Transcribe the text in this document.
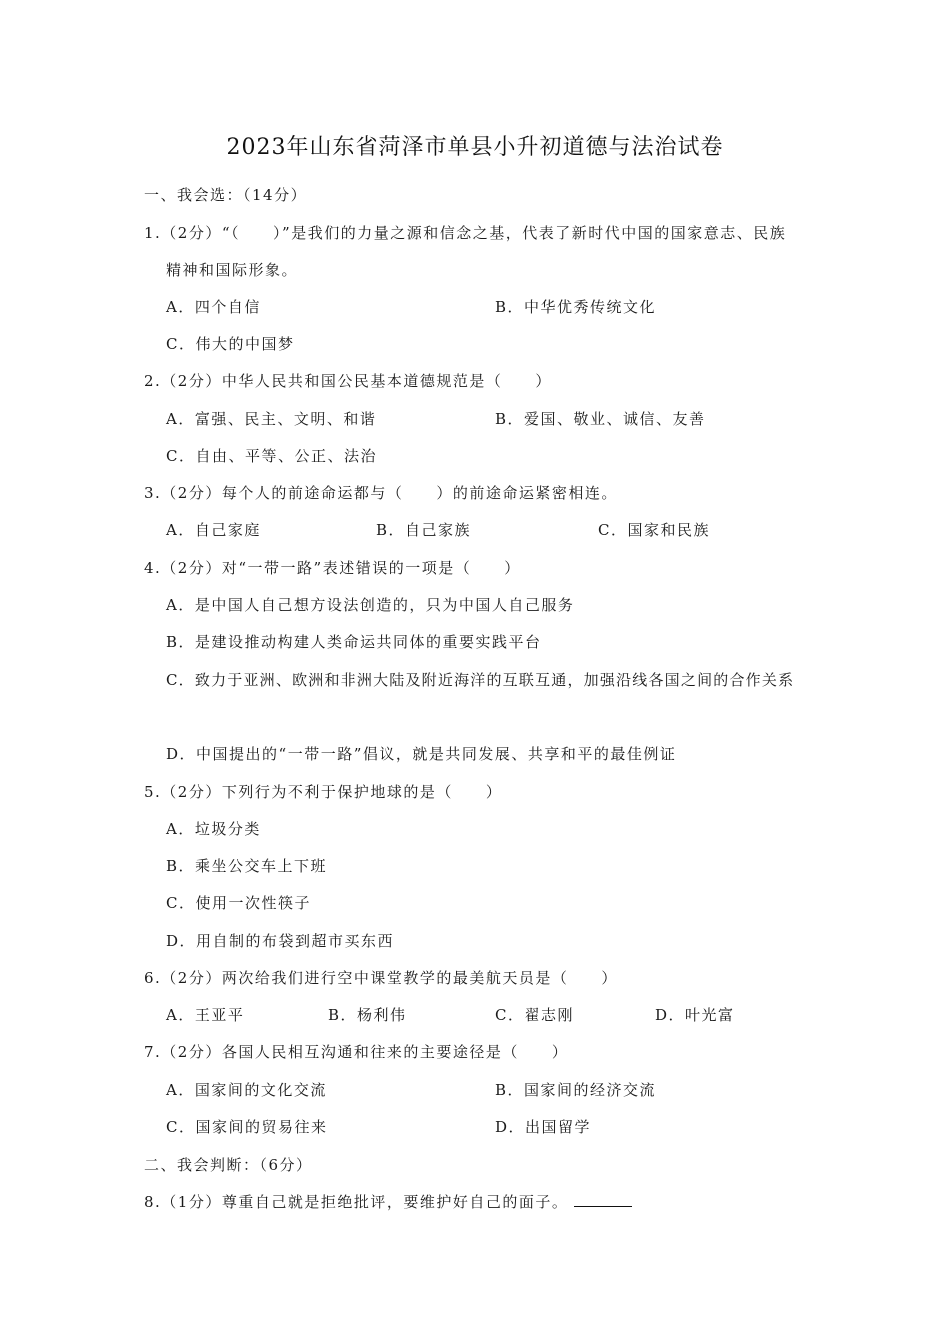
2023年山东省菏泽市单县小升初道德与法治试卷
一、我会选：（14分）
1.（2分）“（　　）”是我们的力量之源和信念之基，代表了新时代中国的国家意志、民族
精神和国际形象。
A．四个自信	B．中华优秀传统文化
C．伟大的中国梦
2.（2分）中华人民共和国公民基本道德规范是（　　）
A．富强、民主、文明、和谐	B．爱国、敬业、诚信、友善
C．自由、平等、公正、法治
3.（2分）每个人的前途命运都与（　　）的前途命运紧密相连。
A．自己家庭	B．自己家族	C．国家和民族
4.（2分）对“一带一路”表述错误的一项是（　　）
A．是中国人自己想方设法创造的，只为中国人自己服务
B．是建设推动构建人类命运共同体的重要实践平台
C．致力于亚洲、欧洲和非洲大陆及附近海洋的互联互通，加强沿线各国之间的合作关系
D．中国提出的“一带一路”倡议，就是共同发展、共享和平的最佳例证
5.（2分）下列行为不利于保护地球的是（　　）
A．垃圾分类
B．乘坐公交车上下班
C．使用一次性筷子
D．用自制的布袋到超市买东西
6.（2分）两次给我们进行空中课堂教学的最美航天员是（　　）
A．王亚平	B．杨利伟	C．翟志刚	D．叶光富
7.（2分）各国人民相互沟通和往来的主要途径是（　　）
A．国家间的文化交流	B．国家间的经济交流
C．国家间的贸易往来	D．出国留学
二、我会判断：（6分）
8.（1分）尊重自己就是拒绝批评，要维护好自己的面子。
